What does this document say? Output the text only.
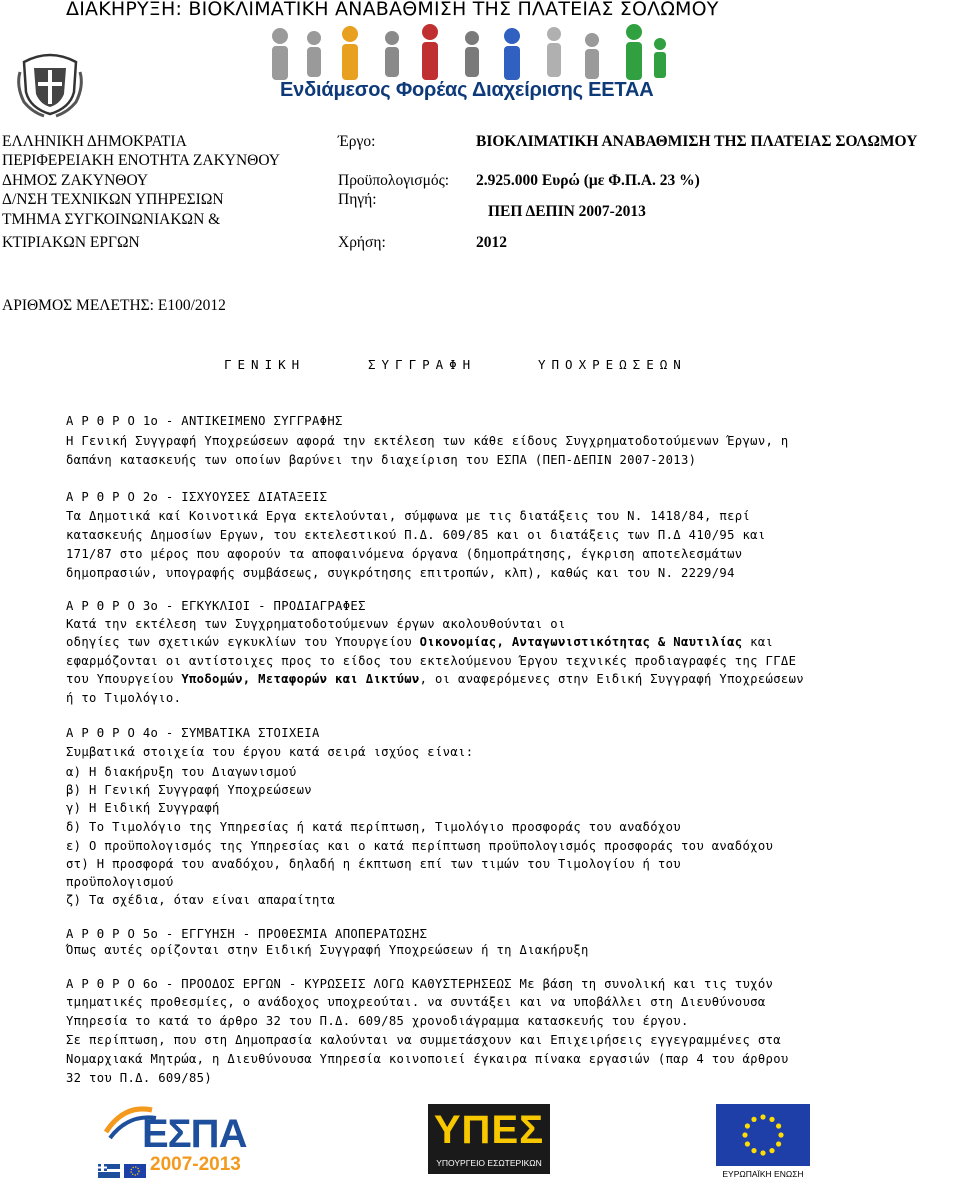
ΔΙΑΚΗΡΥΞΗ: ΒΙΟΚΛΙΜΑΤΙΚΗ ΑΝΑΒΑΘΜΙΣΗ ΤΗΣ ΠΛΑΤΕΙΑΣ ΣΟΛΩΜΟΥ
Ενδιάμεσος Φορέας Διαχείρισης ΕΕΤΑΑ
ΕΛΛΗΝΙΚΗ ΔΗΜΟΚΡΑΤΙΑ
ΠΕΡΙΦΕΡΕΙΑΚΗ ΕΝΟΤΗΤΑ ΖΑΚΥΝΘΟΥ
ΔΗΜΟΣ ΖΑΚΥΝΘΟΥ
Δ/ΝΣΗ ΤΕΧΝΙΚΩΝ ΥΠΗΡΕΣΙΩΝ
ΤΜΗΜΑ ΣΥΓΚΟΙΝΩΝΙΑΚΩΝ &
ΚΤΙΡΙΑΚΩΝ ΕΡΓΩΝ
Έργο:	ΒΙΟΚΛΙΜΑΤΙΚΗ ΑΝΑΒΑΘΜΙΣΗ ΤΗΣ ΠΛΑΤΕΙΑΣ ΣΟΛΩΜΟΥ
Προϋπολογισμός: 2.925.000 Ευρώ (με Φ.Π.Α. 23 %)
Πηγή:
ΠΕΠ ΔΕΠΙΝ 2007-2013
Χρήση:	2012
ΑΡΙΘΜΟΣ ΜΕΛΕΤΗΣ: Ε100/2012
ΓΕΝΙΚΗ	ΣΥΓΓΡΑΦΗ	ΥΠΟΧΡΕΩΣΕΩΝ
Α Ρ Θ Ρ Ο 1ο - ΑΝΤΙΚΕΙΜΕΝΟ ΣΥΓΓΡΑΦΗΣ
Η Γενική Συγγραφή Υποχρεώσεων αφορά την εκτέλεση των κάθε είδους Συγχρηματοδοτούμενων Έργων, η
δαπάνη κατασκευής των οποίων βαρύνει την διαχείριση του ΕΣΠΑ (ΠΕΠ-ΔΕΠΙΝ 2007-2013)
Α Ρ Θ Ρ Ο 2ο - ΙΣΧΥΟΥΣΕΣ ΔΙΑΤΑΞΕΙΣ
Τα Δημοτικά καί Κοινοτικά Εργα εκτελούνται, σύμφωνα με τις διατάξεις του Ν. 1418/84, περί
κατασκευής Δημοσίων Εργων, του εκτελεστικού Π.Δ. 609/85 και οι διατάξεις των Π.Δ 410/95 και
171/87 στο μέρος που αφορούν τα αποφαινόμενα όργανα (δημοπράτησης, έγκριση αποτελεσμάτων
δημοπρασιών, υπογραφής συμβάσεως, συγκρότησης επιτροπών, κλπ), καθώς και του Ν. 2229/94
Α Ρ Θ Ρ Ο 3ο - ΕΓΚΥΚΛΙΟΙ - ΠΡΟΔΙΑΓΡΑΦΕΣ
Κατά την εκτέλεση των Συγχρηματοδοτούμενων έργων ακολουθούνται οι
οδηγίες των σχετικών εγκυκλίων του Υπουργείου Οικονομίας, Ανταγωνιστικότητας & Ναυτιλίας και
εφαρμόζονται οι αντίστοιχες προς το είδος του εκτελούμενου Έργου τεχνικές προδιαγραφές της ΓΓΔΕ
του Υπουργείου Υποδομών, Μεταφορών και Δικτύων, οι αναφερόμενες στην Ειδική Συγγραφή Υποχρεώσεων
ή το Τιμολόγιο.
Α Ρ Θ Ρ Ο 4ο - ΣΥΜΒΑΤΙΚΑ ΣΤΟΙΧΕΙΑ
Συμβατικά στοιχεία του έργου κατά σειρά ισχύος είναι:
α) Η διακήρυξη του Διαγωνισμού
β) Η Γενική Συγγραφή Υποχρεώσεων
γ) Η Ειδική Συγγραφή
δ) Το Τιμολόγιο της Υπηρεσίας ή κατά περίπτωση, Τιμολόγιο προσφοράς του αναδόχου
ε) Ο προϋπολογισμός της Υπηρεσίας και ο κατά περίπτωση προϋπολογισμός προσφοράς του αναδόχου
στ) Η προσφορά του αναδόχου, δηλαδή η έκπτωση επί των τιμών του Τιμολογίου ή του
προϋπολογισμού
ζ) Τα σχέδια, όταν είναι απαραίτητα
Α Ρ Θ Ρ Ο 5ο - ΕΓΓΥΗΣΗ - ΠΡΟΘΕΣΜΙΑ ΑΠΟΠΕΡΑΤΩΣΗΣ
Όπως αυτές ορίζονται στην Ειδική Συγγραφή Υποχρεώσεων ή τη Διακήρυξη
Α Ρ Θ Ρ Ο 6ο - ΠΡΟΟΔΟΣ ΕΡΓΩΝ - ΚΥΡΩΣΕΙΣ ΛΟΓΩ ΚΑΘΥΣΤΕΡΗΣΕΩΣ Με βάση τη συνολική και τις τυχόν
τμηματικές προθεσμίες, ο ανάδοχος υποχρεούται. να συντάξει και να υποβάλλει στη Διευθύνουσα
Υπηρεσία το κατά το άρθρο 32 του Π.Δ. 609/85 χρονοδιάγραμμα κατασκευής του έργου.
Σε περίπτωση, που στη Δημοπρασία καλούνται να συμμετάσχουν και Επιχειρήσεις εγγεγραμμένες στα
Νομαρχιακά Μητρώα, η Διευθύνουσα Υπηρεσία κοινοποιεί έγκαιρα πίνακα εργασιών (παρ 4 του άρθρου
32 του Π.Δ. 609/85)
ΕΣΠΑ
2007-2013
ΥΠΕΣ
ΥΠΟΥΡΓΕΙΟ ΕΣΩΤΕΡΙΚΩΝ
ΕΥΡΩΠΑΪΚΗ ΕΝΩΣΗ
